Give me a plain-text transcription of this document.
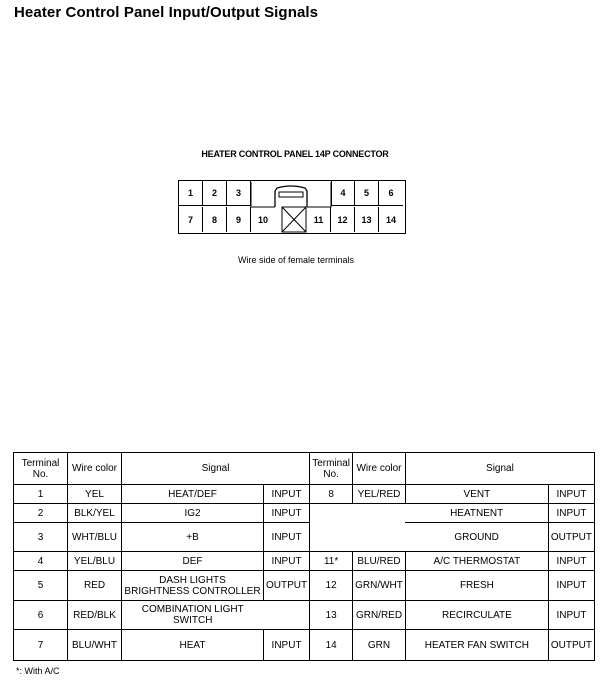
Heater Control Panel Input/Output Signals
HEATER CONTROL PANEL 14P CONNECTOR
1	2	3	4	5	6
7	8	9	10	11	12	13	14
Wire side of female terminals
Terminal No.	Wire color	Signal		Terminal No.	Wire color	Signal	
1	YEL	HEAT/DEF	INPUT	8	YEL/RED	VENT	INPUT
2	BLK/YEL	IG2	INPUT			HEATNENT	INPUT
3	WHT/BLU	+B	INPUT			GROUND	OUTPUT
4	YEL/BLU	DEF	INPUT	11*	BLU/RED	A/C THERMOSTAT	INPUT
5	RED	DASH LIGHTS
BRIGHTNESS CONTROLLER	OUTPUT	12	GRN/WHT	FRESH	INPUT
6	RED/BLK	COMBINATION LIGHT
SWITCH		13	GRN/RED	RECIRCULATE	INPUT
7	BLU/WHT	HEAT	INPUT	14	GRN	HEATER FAN SWITCH	OUTPUT
*: With A/C
